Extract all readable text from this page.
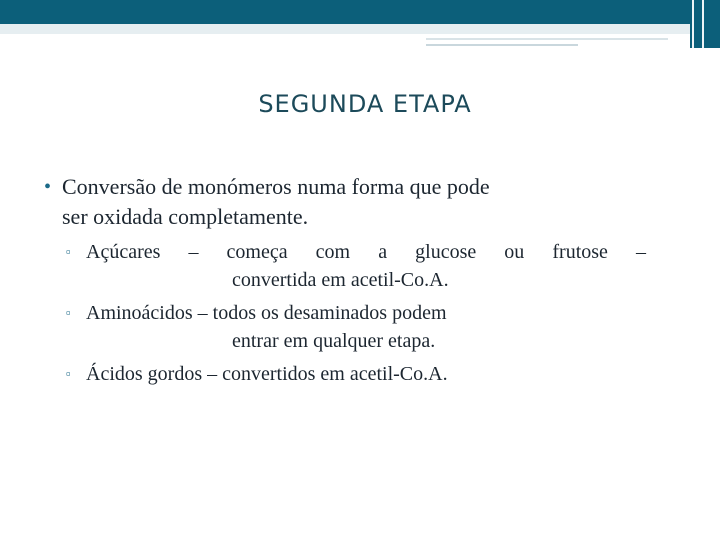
SEGUNDA ETAPA
• Conversão de monómeros numa forma que pode
ser oxidada completamente.
▫ Açúcares – começa com a glucose ou frutose –
convertida em acetil-Co.A.
▫ Aminoácidos – todos os desaminados podem
entrar em qualquer etapa.
▫ Ácidos gordos – convertidos em acetil-Co.A.
